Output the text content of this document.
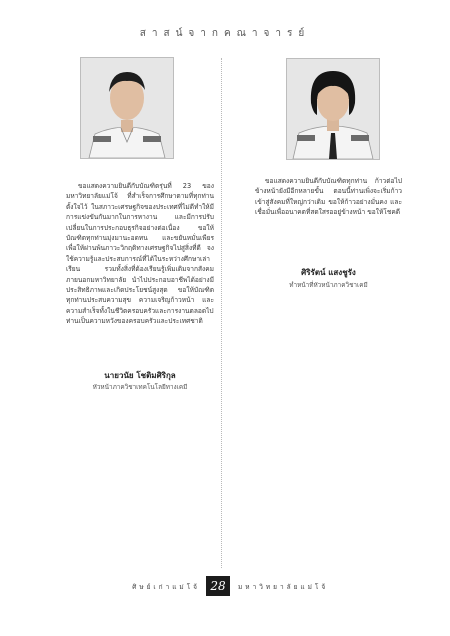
สาสน์จากคณาจารย์

ขอแสดงความยินดีกับบัณฑิตรุ่นที่ 23 ของมหาวิทยาลัยแม่โจ้ ที่สำเร็จการศึกษาตามที่ทุกท่านตั้งใจไว้ ในสภาวะเศรษฐกิจของประเทศที่ไม่ดีทำให้มีการแข่งขันกันมากในการหางาน และมีการปรับเปลี่ยนในการประกอบธุรกิจอย่างต่อเนื่อง ขอให้บัณฑิตทุกท่านมุ่งมานะอดทน และขยันหมั่นเพียร เพื่อให้ผ่านพ้นภาวะวิกฤติทางเศรษฐกิจไปสู่สิ่งที่ดี จงใช้ความรู้และประสบการณ์ที่ได้ในระหว่างศึกษาเล่าเรียน รวมทั้งสิ่งที่ต้องเรียนรู้เพิ่มเติมจากสังคมภายนอกมหาวิทยาลัย นำไปประกอบอาชีพได้อย่างมีประสิทธิภาพและเกิดประโยชน์สูงสุด ขอให้บัณฑิตทุกท่านประสบความสุข ความเจริญก้าวหน้า และความสำเร็จทั้งในชีวิตครอบครัวและการงานตลอดไป ท่านเป็นความหวังของครอบครัวและประเทศชาติ

นายวนัย โชติมศิริกุล
หัวหน้าภาควิชาเทคโนโลยีทางเคมี

ขอแสดงความยินดีกับบัณฑิตทุกท่าน ก้าวต่อไปข้างหน้ายังมีอีกหลายขั้น ตอนนี้ท่านเพิ่งจะเริ่มก้าวเข้าสู่สังคมที่ใหญ่กว่าเดิม ขอให้ก้าวอย่างมั่นคง และเชื่อมั่นเพื่ออนาคตที่สดใสรออยู่ข้างหน้า ขอให้โชคดี

ศิริรัตน์ แสงชูรัง
ทำหน้าที่หัวหน้าภาควิชาเคมี
ศิษย์เก่าแม่โจ้ 28	มหาวิทยาลัยแม่โจ้
